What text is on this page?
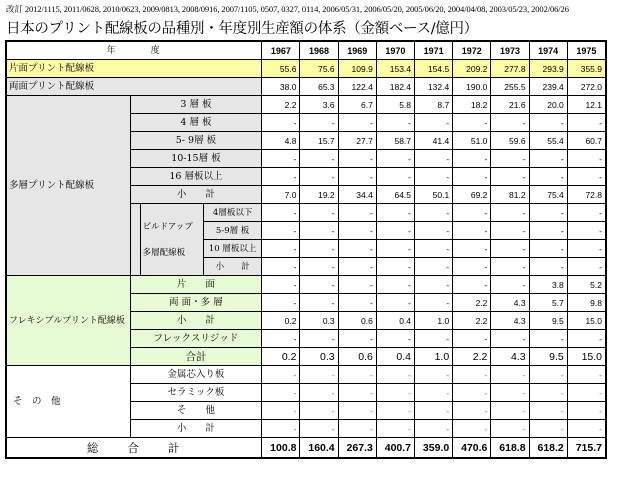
改訂 2012/1115, 2011/0628, 2010/0623, 2009/0813, 2008/0916, 2007/1105, 0507, 0327, 0114, 2006/05/31, 2006/05/20, 2005/06/20, 2004/04/08, 2003/05/23, 2002/06/26
日本のプリント配線板の品種別・年度別生産額の体系（金額ベース/億円）
年　　　度				1967	1968	1969	1970	1971	1972	1973	1974	1975
片面プリント配線板				55.6	75.6	109.9	153.4	154.5	209.2	277.8	293.9	355.9
両面プリント配線板				38.0	65.3	122.4	182.4	132.4	190.0	255.5	239.4	272.0
多層プリント配線板	3 層 板			2.2	3.6	6.7	5.8	8.7	18.2	21.6	20.0	12.1
	4 層 板			-	-	-	-	-	-	-	-	-
	5- 9層 板			4.8	15.7	27.7	58.7	41.4	51.0	59.6	55.4	60.7
	10-15層 板			-	-	-	-	-	-	-	-	-
	16 層板以上			-	-	-	-	-	-	-	-	-
	小　　計			7.0	19.2	34.4	64.5	50.1	69.2	81.2	75.4	72.8

		ビルドアップ
多層配線板	4層板以下	-	-	-	-	-	-	-	-	-
			5-9層 板	-	-	-	-	-	-	-	-	-
			10 層板以上	-	-	-	-	-	-	-	-	-
			小　　計	-	-	-	-	-	-	-	-	-
フレキシブルプリント配線板	片　　面			-	-	-	-	-	-	-	3.8	5.2
	両 面・多 層			-	-	-	-	-	2.2	4.3	5.7	9.8
	小　　計			0.2	0.3	0.6	0.4	1.0	2.2	4.3	9.5	15.0
	フレックスリジッド			-	-	-	-	-	-	-	-	-
	合計			0.2	0.3	0.6	0.4	1.0	2.2	4.3	9.5	15.0
そ　の　他	金属芯入り板			-	-	-	-	-	-	-	-	-
	セラミック板			-	-	-	-	-	-	-	-	-
	そ　　他			-	-	-	-	-	-	-	-	-
	小　　計			-	-	-	-	-	-	-	-	-
総　　合　　計				100.8	160.4	267.3	400.7	359.0	470.6	618.8	618.2	715.7
